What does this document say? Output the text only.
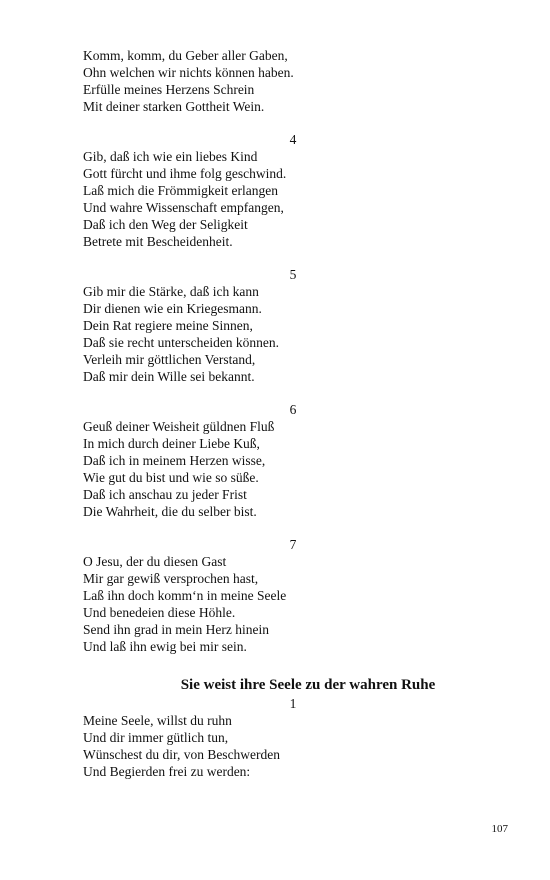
Komm, komm, du Geber aller Gaben,
Ohn welchen wir nichts können haben.
Erfülle meines Herzens Schrein
Mit deiner starken Gottheit Wein.
4
Gib, daß ich wie ein liebes Kind
Gott fürcht und ihme folg geschwind.
Laß mich die Frömmigkeit erlangen
Und wahre Wissenschaft empfangen,
Daß ich den Weg der Seligkeit
Betrete mit Bescheidenheit.
5
Gib mir die Stärke, daß ich kann
Dir dienen wie ein Kriegesmann.
Dein Rat regiere meine Sinnen,
Daß sie recht unterscheiden können.
Verleih mir göttlichen Verstand,
Daß mir dein Wille sei bekannt.
6
Geuß deiner Weisheit güldnen Fluß
In mich durch deiner Liebe Kuß,
Daß ich in meinem Herzen wisse,
Wie gut du bist und wie so süße.
Daß ich anschau zu jeder Frist
Die Wahrheit, die du selber bist.
7
O Jesu, der du diesen Gast
Mir gar gewiß versprochen hast,
Laß ihn doch komm‘n in meine Seele
Und benedeien diese Höhle.
Send ihn grad in mein Herz hinein
Und laß ihn ewig bei mir sein.
Sie weist ihre Seele zu der wahren Ruhe
1
Meine Seele, willst du ruhn
Und dir immer gütlich tun,
Wünschest du dir, von Beschwerden
Und Begierden frei zu werden:
107
